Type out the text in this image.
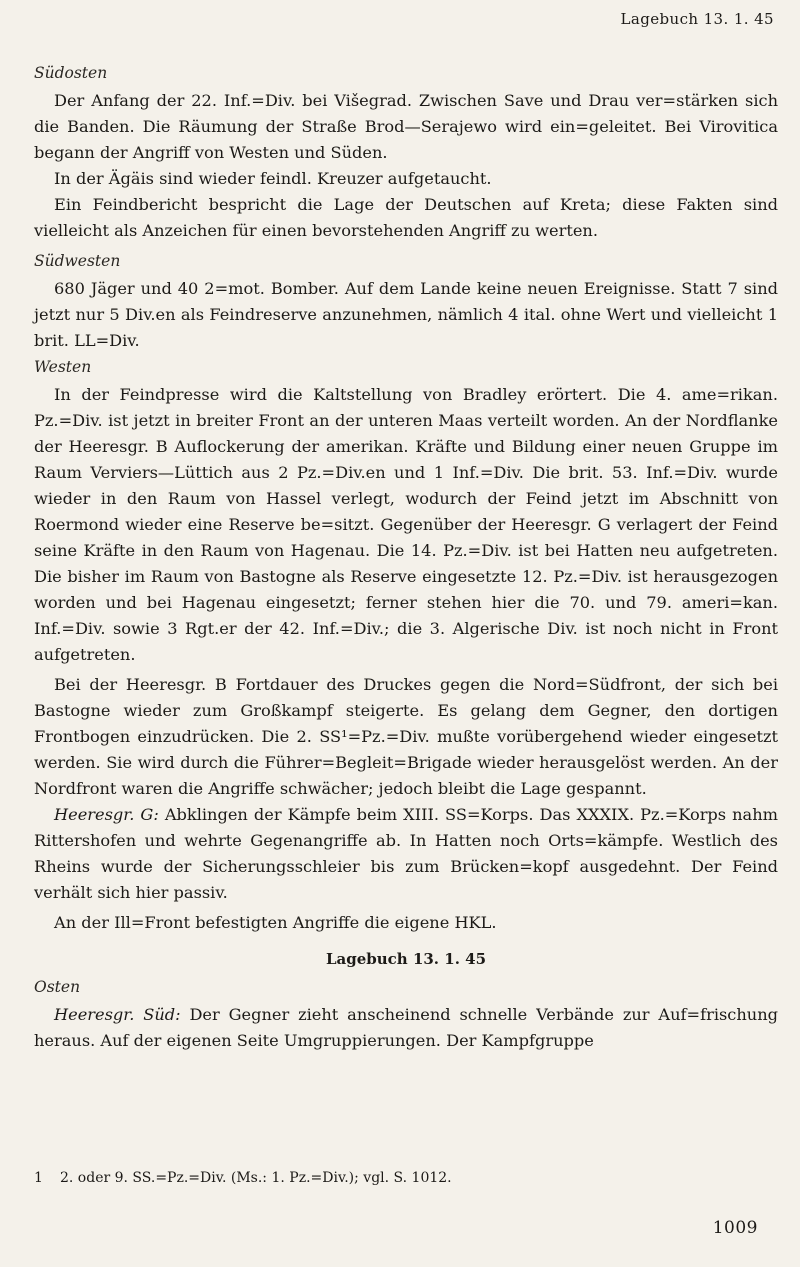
Lagebuch 13. 1. 45
Südosten

Der Anfang der 22. Inf.=Div. bei Višegrad. Zwischen Save und Drau ver=stärken sich die Banden. Die Räumung der Straße Brod—Serajewo wird ein=geleitet. Bei Virovitica begann der Angriff von Westen und Süden.

In der Ägäis sind wieder feindl. Kreuzer aufgetaucht.

Ein Feindbericht bespricht die Lage der Deutschen auf Kreta; diese Fakten sind vielleicht als Anzeichen für einen bevorstehenden Angriff zu werten.

Südwesten

680 Jäger und 40 2=mot. Bomber. Auf dem Lande keine neuen Ereignisse. Statt 7 sind jetzt nur 5 Div.en als Feindreserve anzunehmen, nämlich 4 ital. ohne Wert und vielleicht 1 brit. LL=Div.

Westen

In der Feindpresse wird die Kaltstellung von Bradley erörtert. Die 4. ame=rikan. Pz.=Div. ist jetzt in breiter Front an der unteren Maas verteilt worden. An der Nordflanke der Heeresgr. B Auflockerung der amerikan. Kräfte und Bildung einer neuen Gruppe im Raum Verviers—Lüttich aus 2 Pz.=Div.en und 1 Inf.=Div. Die brit. 53. Inf.=Div. wurde wieder in den Raum von Hassel verlegt, wodurch der Feind jetzt im Abschnitt von Roermond wieder eine Reserve be=sitzt. Gegenüber der Heeresgr. G verlagert der Feind seine Kräfte in den Raum von Hagenau. Die 14. Pz.=Div. ist bei Hatten neu aufgetreten. Die bisher im Raum von Bastogne als Reserve eingesetzte 12. Pz.=Div. ist herausgezogen worden und bei Hagenau eingesetzt; ferner stehen hier die 70. und 79. ameri=kan. Inf.=Div. sowie 3 Rgt.er der 42. Inf.=Div.; die 3. Algerische Div. ist noch nicht in Front aufgetreten.

Bei der Heeresgr. B Fortdauer des Druckes gegen die Nord=Südfront, der sich bei Bastogne wieder zum Großkampf steigerte. Es gelang dem Gegner, den dortigen Frontbogen einzudrücken. Die 2. SS¹=Pz.=Div. mußte vorübergehend wieder eingesetzt werden. Sie wird durch die Führer=Begleit=Brigade wieder herausgelöst werden. An der Nordfront waren die Angriffe schwächer; jedoch bleibt die Lage gespannt.

Heeresgr. G: Abklingen der Kämpfe beim XIII. SS=Korps. Das XXXIX. Pz.=Korps nahm Rittershofen und wehrte Gegenangriffe ab. In Hatten noch Orts=kämpfe. Westlich des Rheins wurde der Sicherungsschleier bis zum Brücken=kopf ausgedehnt. Der Feind verhält sich hier passiv.

An der Ill=Front befestigten Angriffe die eigene HKL.

Lagebuch 13. 1. 45
Osten

Heeresgr. Süd: Der Gegner zieht anscheinend schnelle Verbände zur Auf=frischung heraus. Auf der eigenen Seite Umgruppierungen. Der Kampfgruppe

1 2. oder 9. SS.=Pz.=Div. (Ms.: 1. Pz.=Div.); vgl. S. 1012.
1009
